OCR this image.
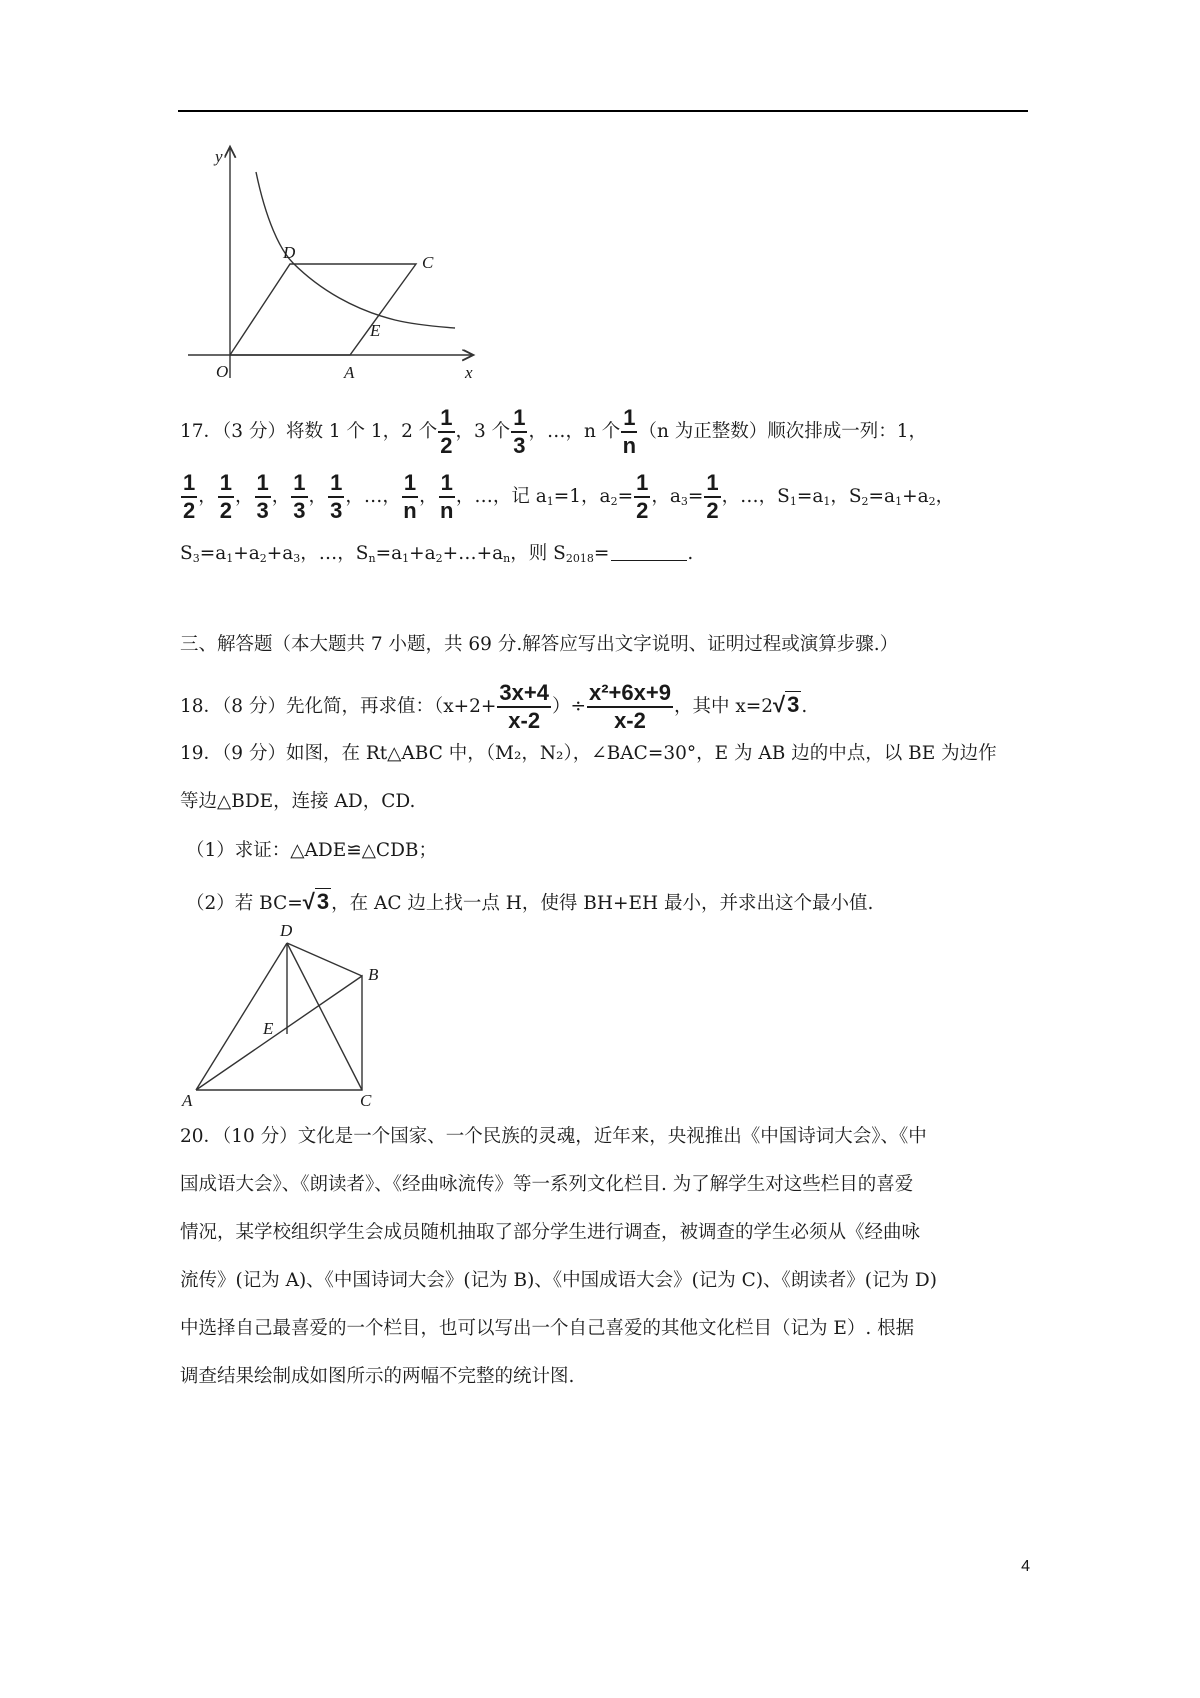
y
x
O	A
C
D
E
17．（3 分）将数 1 个 1，2 个 $\frac{1}{2}$ ，3 个 $\frac{1}{3}$ ，…，n 个 $\frac{1}{n} (n$ 为正整数）顺次排成一列：1，
$\frac{1}{2}$ ， $\frac{1}{2}$ ， $\frac{1}{3}$ ， $\frac{1}{3}$ ， $\frac{1}{3}$ ，…， $\frac{1}{n}$ ， $\frac{1}{n}$ ，…，记 $a_1=1$，$a_2= \frac{1}{2}$ ，$a_3= \frac{1}{2}$ ，…，$S_1=a_1$，$S_2=a_1+a_2$，
$S_3=a_1+a_2+a_3$，…，$S_n=a_1+a_2+\dots+a_n$，则 $S_{2018}=$	.
三、解答题（本大题共 7 小题，共 69 分.解答应写出文字说明、证明过程或演算步骤.）
18．（8 分）先化简，再求值：（$x+2+ \frac{3x+4}{x-2}$ ）÷ $\frac{\text{x²+6x+9}}{x-2}$ ，其中 x=2√3 .
19．（9 分）如图，在 Rt△ABC 中，（M₂，N₂），∠BAC=30°，E 为 AB 边的中点，以 BE 为边作
等边△BDE，连接 AD，CD.
（1）求证：△ADE≌△CDB；
（2）若 BC=√3 ，在 AC 边上找一点 H，使得 BH+EH 最小，并求出这个最小值.
D
B
E
A	C
20．（10 分）文化是一个国家、一个民族的灵魂，近年来，央视推出《中国诗词大会》、《中
国成语大会》、《朗读者》、《经曲咏流传》等一系列文化栏目. 为了解学生对这些栏目的喜爱
情况，某学校组织学生会成员随机抽取了部分学生进行调查，被调查的学生必须从《经曲咏
流传》(记为 A)、《中国诗词大会》(记为 B)、《中国成语大会》(记为 C)、《朗读者》(记为 D)
中选择自己最喜爱的一个栏目，也可以写出一个自己喜爱的其他文化栏目（记为 E）. 根据
调查结果绘制成如图所示的两幅不完整的统计图.
4
